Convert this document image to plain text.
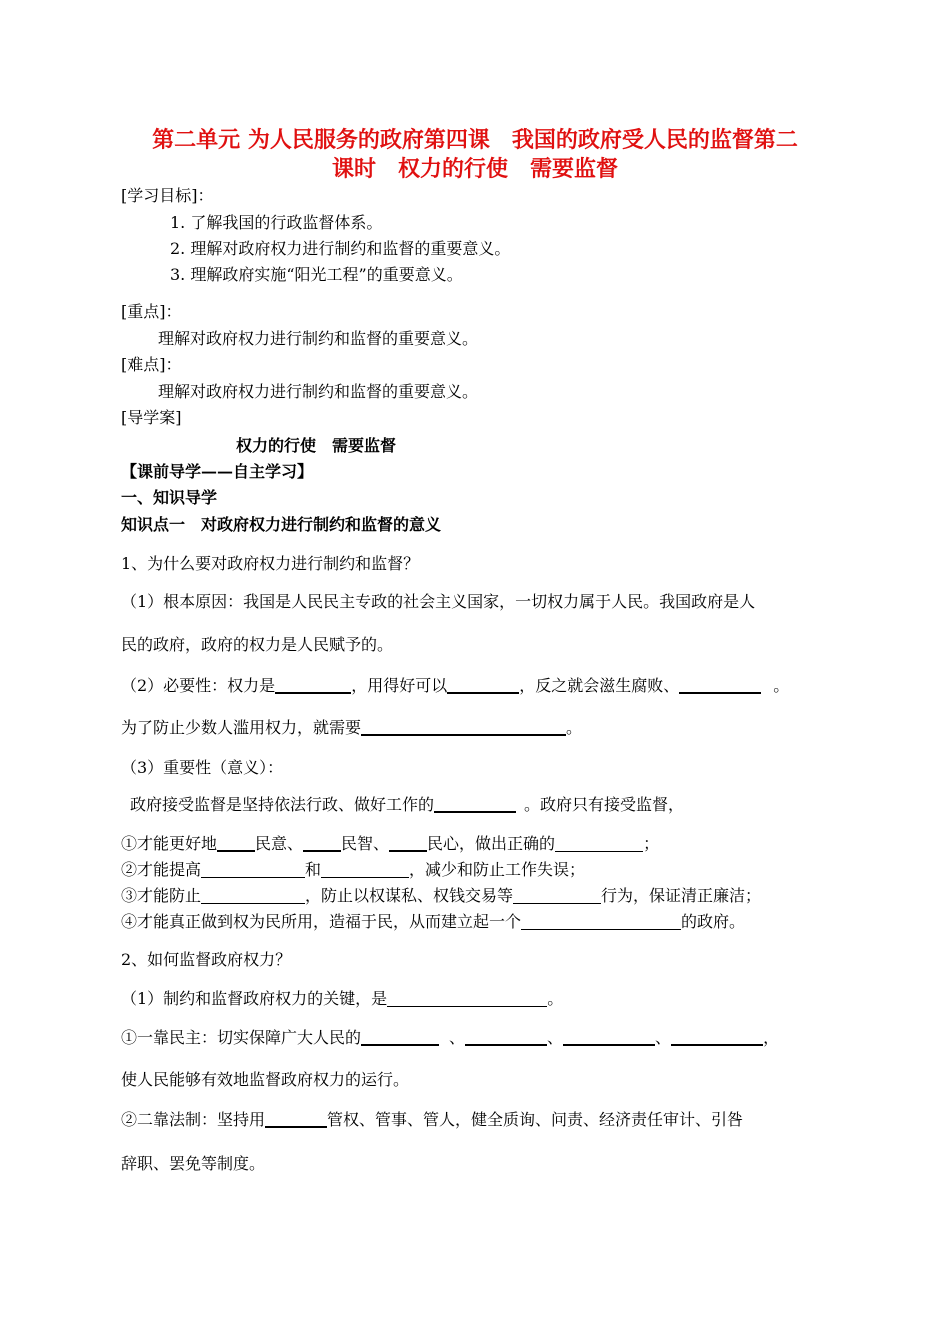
第二单元 为人民服务的政府第四课　我国的政府受人民的监督第二
课时　权力的行使　需要监督
[学习目标]：
1. 了解我国的行政监督体系。
2. 理解对政府权力进行制约和监督的重要意义。
3. 理解政府实施“阳光工程”的重要意义。
[重点]：
理解对政府权力进行制约和监督的重要意义。
[难点]：
理解对政府权力进行制约和监督的重要意义。
[导学案]
权力的行使　需要监督
【课前导学——自主学习】
一、知识导学
知识点一　对政府权力进行制约和监督的意义
1、为什么要对政府权力进行制约和监督？
（1）根本原因：我国是人民民主专政的社会主义国家，一切权力属于人民。我国政府是人
民的政府，政府的权力是人民赋予的。
（2）必要性：权力是	，用得好可以	，反之就会滋生腐败、	。
为了防止少数人滥用权力，就需要	。
（3）重要性（意义）：
政府接受监督是坚持依法行政、做好工作的	。政府只有接受监督，
①才能更好地 民意、 民智、 民心，做出正确的	；
②才能提高	和	，减少和防止工作失误；
③才能防止	，防止以权谋私、权钱交易等	行为，保证清正廉洁；
④才能真正做到权为民所用，造福于民，从而建立起一个	的政府。
2、如何监督政府权力？
（1）制约和监督政府权力的关键，是	。
①一靠民主：切实保障广大人民的	、	、	、	，
使人民能够有效地监督政府权力的运行。
②二靠法制：坚持用	管权、管事、管人，健全质询、问责、经济责任审计、引咎
辞职、罢免等制度。
